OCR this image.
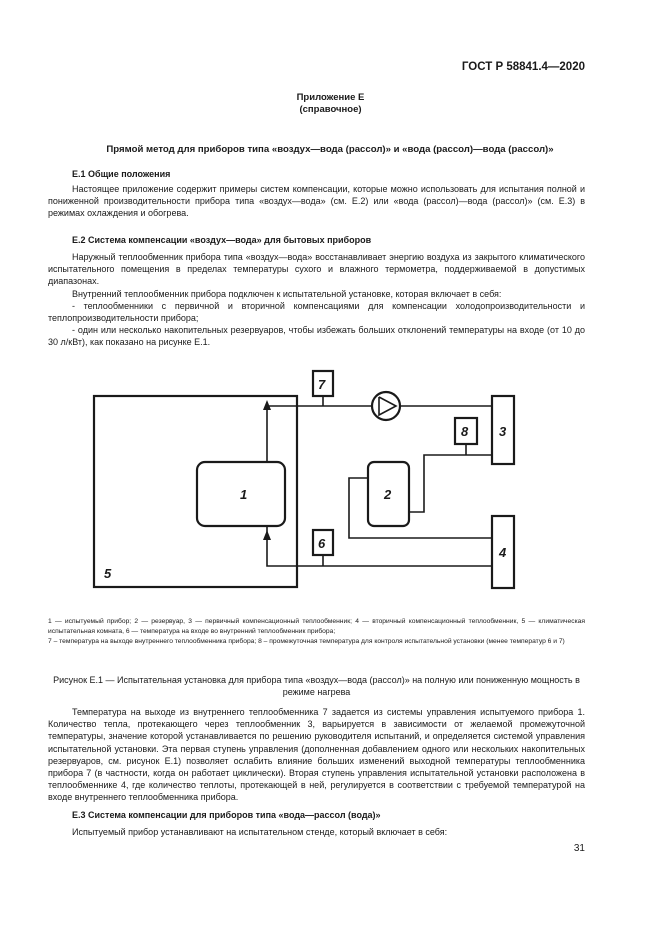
ГОСТ Р 58841.4—2020
Приложение Е
(справочное)
Прямой метод для приборов типа «воздух—вода (рассол)» и «вода (рассол)—вода (рассол)»
Е.1 Общие положения

Настоящее приложение содержит примеры систем компенсации, которые можно использовать для испытания полной и пониженной производительности прибора типа «воздух—вода» (см. Е.2) или «вода (рассол)—вода (рассол)» (см. Е.3) в режимах охлаждения и обогрева.

Е.2 Система компенсации «воздух—вода» для бытовых приборов

Наружный теплообменник прибора типа «воздух—вода» восстанавливает энергию воздуха из закрытого климатического испытательного помещения в пределах температуры сухого и влажного термометра, поддерживаемой в допустимых диапазонах.

Внутренний теплообменник прибора подключен к испытательной установке, которая включает в себя:

- теплообменники с первичной и вторичной компенсациями для компенсации холодопроизводительности и теплопроизводительности прибора;

- один или несколько накопительных резервуаров, чтобы избежать больших отклонений температуры на входе (от 10 до 30 л/кВт), как показано на рисунке Е.1.

1	2
3
4
5
6
7
8

1 — испытуемый прибор; 2 — резервуар, 3 — первичный компенсационный теплообменник; 4 — вторичный компенсационный теплообменник, 5 — климатическая испытательная комната, 6 — температура на входе во внутренний теплообменник прибора;

7 – температура на выходе внутреннего теплообменника прибора; 8 – промежуточная температура для контроля испытательной установки (менее температур 6 и 7)

Рисунок Е.1 — Испытательная установка для прибора типа «воздух—вода (рассол)» на полную или пониженную мощность в режиме нагрева

Температура на выходе из внутреннего теплообменника 7 задается из системы управления испытуемого прибора 1. Количество тепла, протекающего через теплообменник 3, варьируется в зависимости от желаемой промежуточной температуры, значение которой устанавливается по решению руководителя испытаний, и определяется системой управления испытательной установки. Эта первая ступень управления (дополненная добавлением одного или нескольких накопительных резервуаров, см. рисунок Е.1) позволяет ослабить влияние больших изменений выходной температуры теплообменника прибора 7 (в частности, когда он работает циклически). Вторая ступень управления испытательной установки расположена в теплообменнике 4, где количество теплоты, протекающей в ней, регулируется в соответствии с требуемой температурой на входе внутреннего теплообменника прибора.

Е.3 Система компенсации для приборов типа «вода—рассол (вода)»

Испытуемый прибор устанавливают на испытательном стенде, который включает в себя:

31
